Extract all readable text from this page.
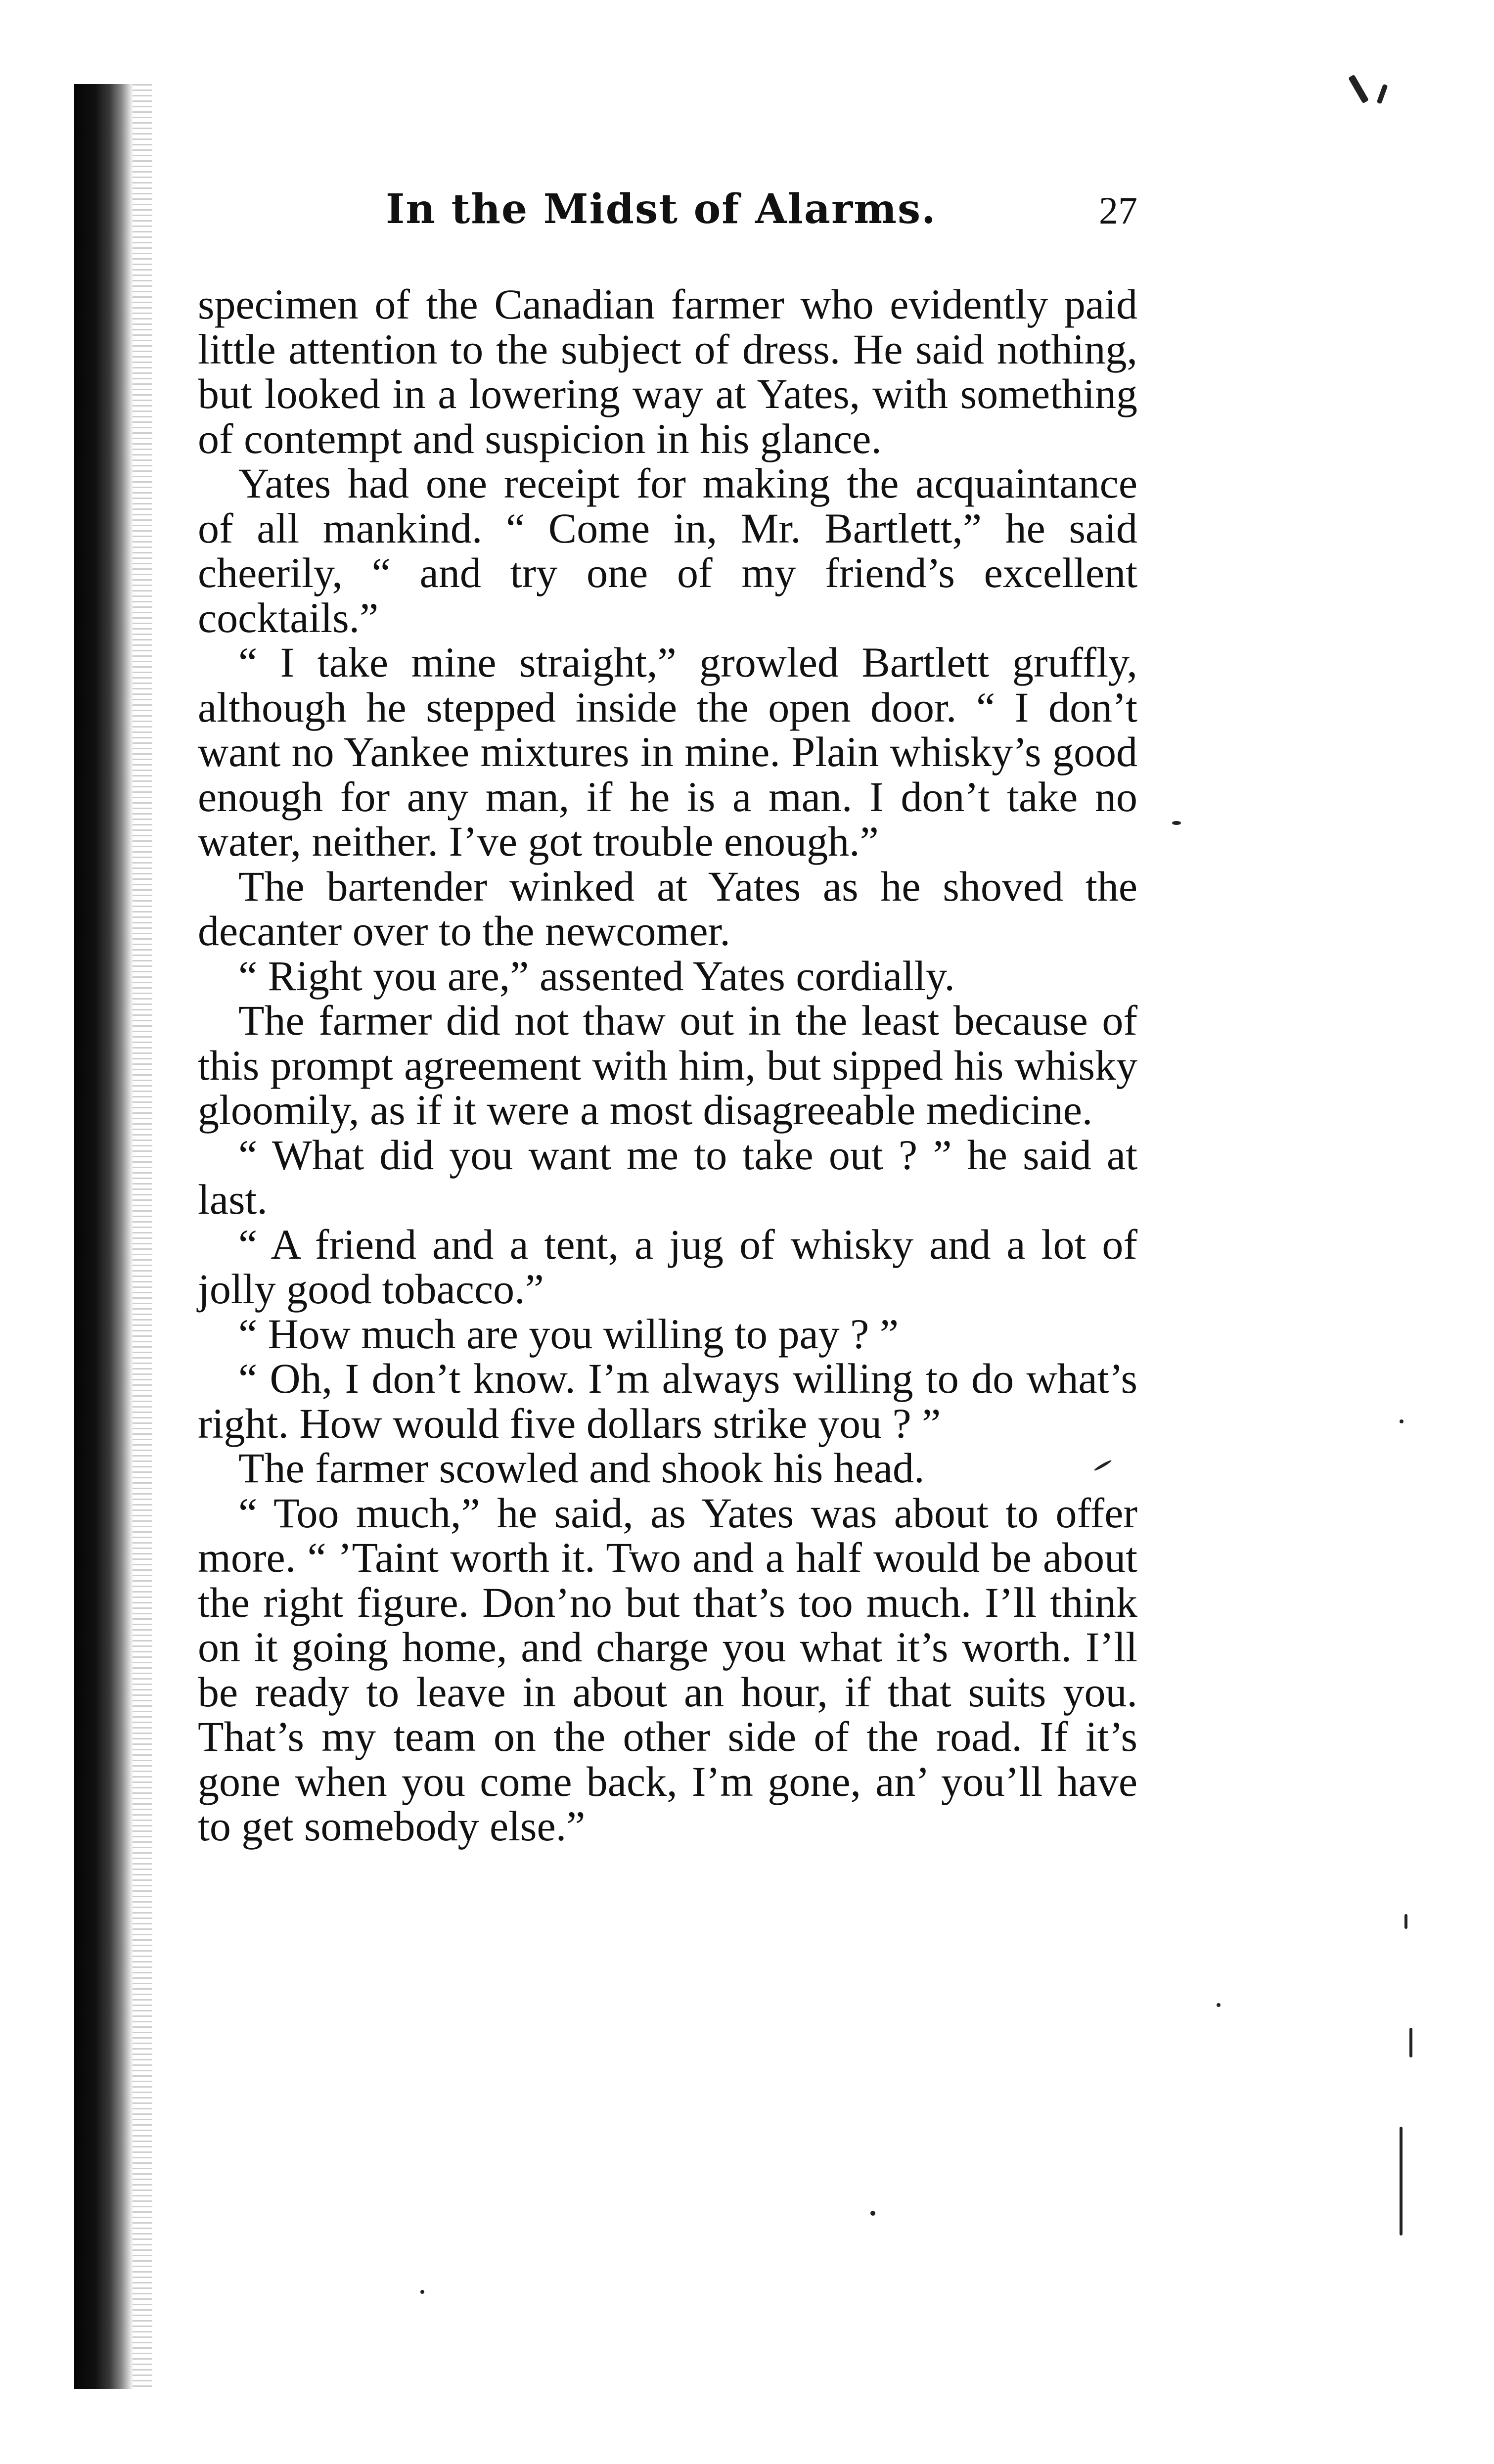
In the Midst of Alarms.	27

specimen of the Canadian farmer who evidently paid little attention to the subject of dress. He said nothing, but looked in a lowering way at Yates, with something of contempt and suspicion in his glance.

Yates had one receipt for making the acquaintance of all mankind. “ Come in, Mr. Bartlett,” he said cheerily, “ and try one of my friend’s excellent cocktails.”

“ I take mine straight,” growled Bartlett gruffly, although he stepped inside the open door. “ I don’t want no Yankee mixtures in mine. Plain whisky’s good enough for any man, if he is a man. I don’t take no water, neither. I’ve got trouble enough.”

The bartender winked at Yates as he shoved the decanter over to the newcomer.

“ Right you are,” assented Yates cordially.

The farmer did not thaw out in the least because of this prompt agreement with him, but sipped his whisky gloomily, as if it were a most disagreeable medicine.

“ What did you want me to take out ? ” he said at last.

“ A friend and a tent, a jug of whisky and a lot of jolly good tobacco.”

“ How much are you willing to pay ? ”

“ Oh, I don’t know. I’m always willing to do what’s right. How would five dollars strike you ? ”

The farmer scowled and shook his head.

“ Too much,” he said, as Yates was about to offer more. “ ’Taint worth it. Two and a half would be about the right figure. Don’no but that’s too much. I’ll think on it going home, and charge you what it’s worth. I’ll be ready to leave in about an hour, if that suits you. That’s my team on the other side of the road. If it’s gone when you come back, I’m gone, an’ you’ll have to get somebody else.”
